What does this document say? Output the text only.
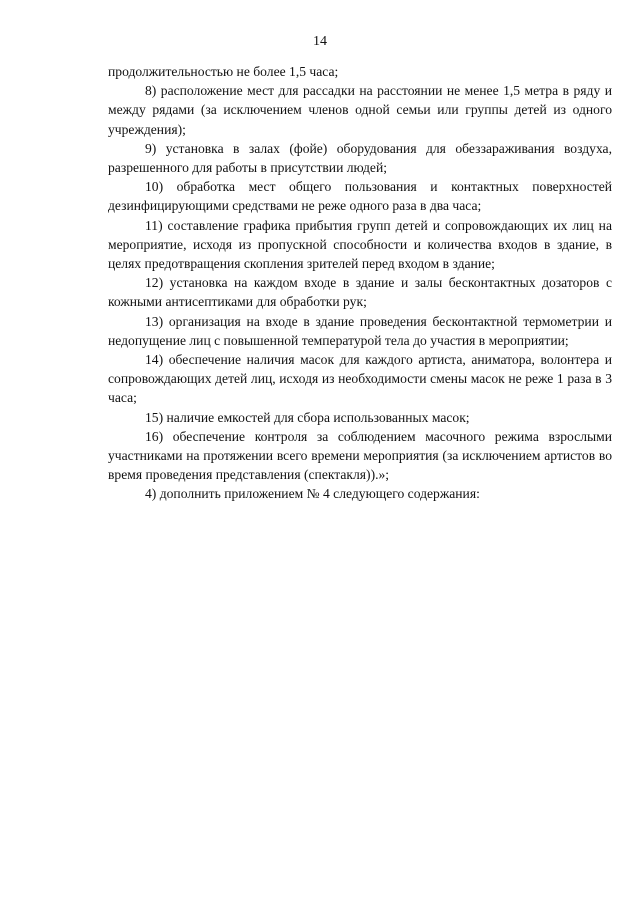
14

продолжительностью не более 1,5 часа;

8) расположение мест для рассадки на расстоянии не менее 1,5 метра в ряду и между рядами (за исключением членов одной семьи или группы детей из одного учреждения);

9) установка в залах (фойе) оборудования для обеззараживания воздуха, разрешенного для работы в присутствии людей;

10) обработка мест общего пользования и контактных поверхностей дезинфицирующими средствами не реже одного раза в два часа;

11) составление графика прибытия групп детей и сопровождающих их лиц на мероприятие, исходя из пропускной способности и количества входов в здание, в целях предотвращения скопления зрителей перед входом в здание;

12) установка на каждом входе в здание и залы бесконтактных дозаторов с кожными антисептиками для обработки рук;

13) организация на входе в здание проведения бесконтактной термометрии и недопущение лиц с повышенной температурой тела до участия в мероприятии;

14) обеспечение наличия масок для каждого артиста, аниматора, волонтера и сопровождающих детей лиц, исходя из необходимости смены масок не реже 1 раза в 3 часа;

15) наличие емкостей для сбора использованных масок;

16) обеспечение контроля за соблюдением масочного режима взрослыми участниками на протяжении всего времени мероприятия (за исключением артистов во время проведения представления (спектакля)).»;

4) дополнить приложением № 4 следующего содержания:
